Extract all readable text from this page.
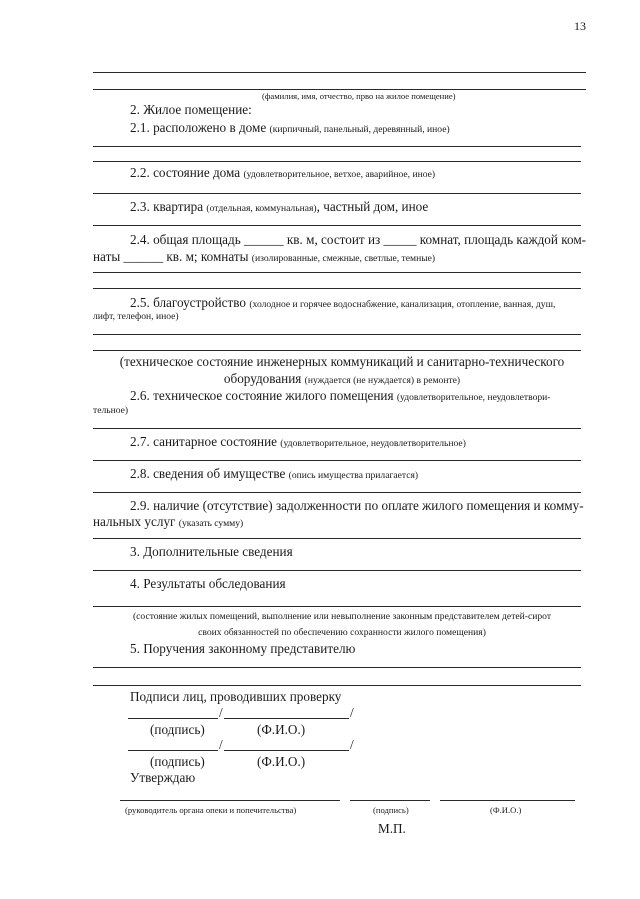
13
(фамилия, имя, отчество, прво на жилое помещение)
2. Жилое помещение:
2.1. расположено в доме (кирпичный, панельный, деревянный, иное)
2.2. состояние дома (удовлетворительное, ветхое, аварийное, иное)
2.3. квартира (отдельная, коммунальная), частный дом, иное
2.4. общая площадь ______ кв. м, состоит из _____ комнат, площадь каждой ком-
наты ______ кв. м; комнаты (изолированные, смежные, светлые, темные)
2.5. благоустройство (холодное и горячее водоснабжение, канализация, отопление, ванная, душ,
лифт, телефон, иное)
(техническое состояние инженерных коммуникаций и санитарно-технического
оборудования (нуждается (не нуждается) в ремонте)
2.6. техническое состояние жилого помещения (удовлетворительное, неудовлетвори-
тельное)
2.7. санитарное состояние (удовлетворительное, неудовлетворительное)
2.8. сведения об имуществе (опись имущества прилагается)
2.9. наличие (отсутствие) задолженности по оплате жилого помещения и комму-
нальных услуг (указать сумму)
3. Дополнительные сведения
4. Результаты обследования
(состояние жилых помещений, выполнение или невыполнение законным представителем детей-сирот
своих обязанностей по обеспечению сохранности жилого помещения)
5. Поручения законному представителю
Подписи лиц, проводивших проверку
/	/
(подпись)	(Ф.И.О.)
/	/
(подпись)	(Ф.И.О.)
Утверждаю
(руководитель органа опеки и попечительства)	(подпись)	(Ф.И.О.)
М.П.
